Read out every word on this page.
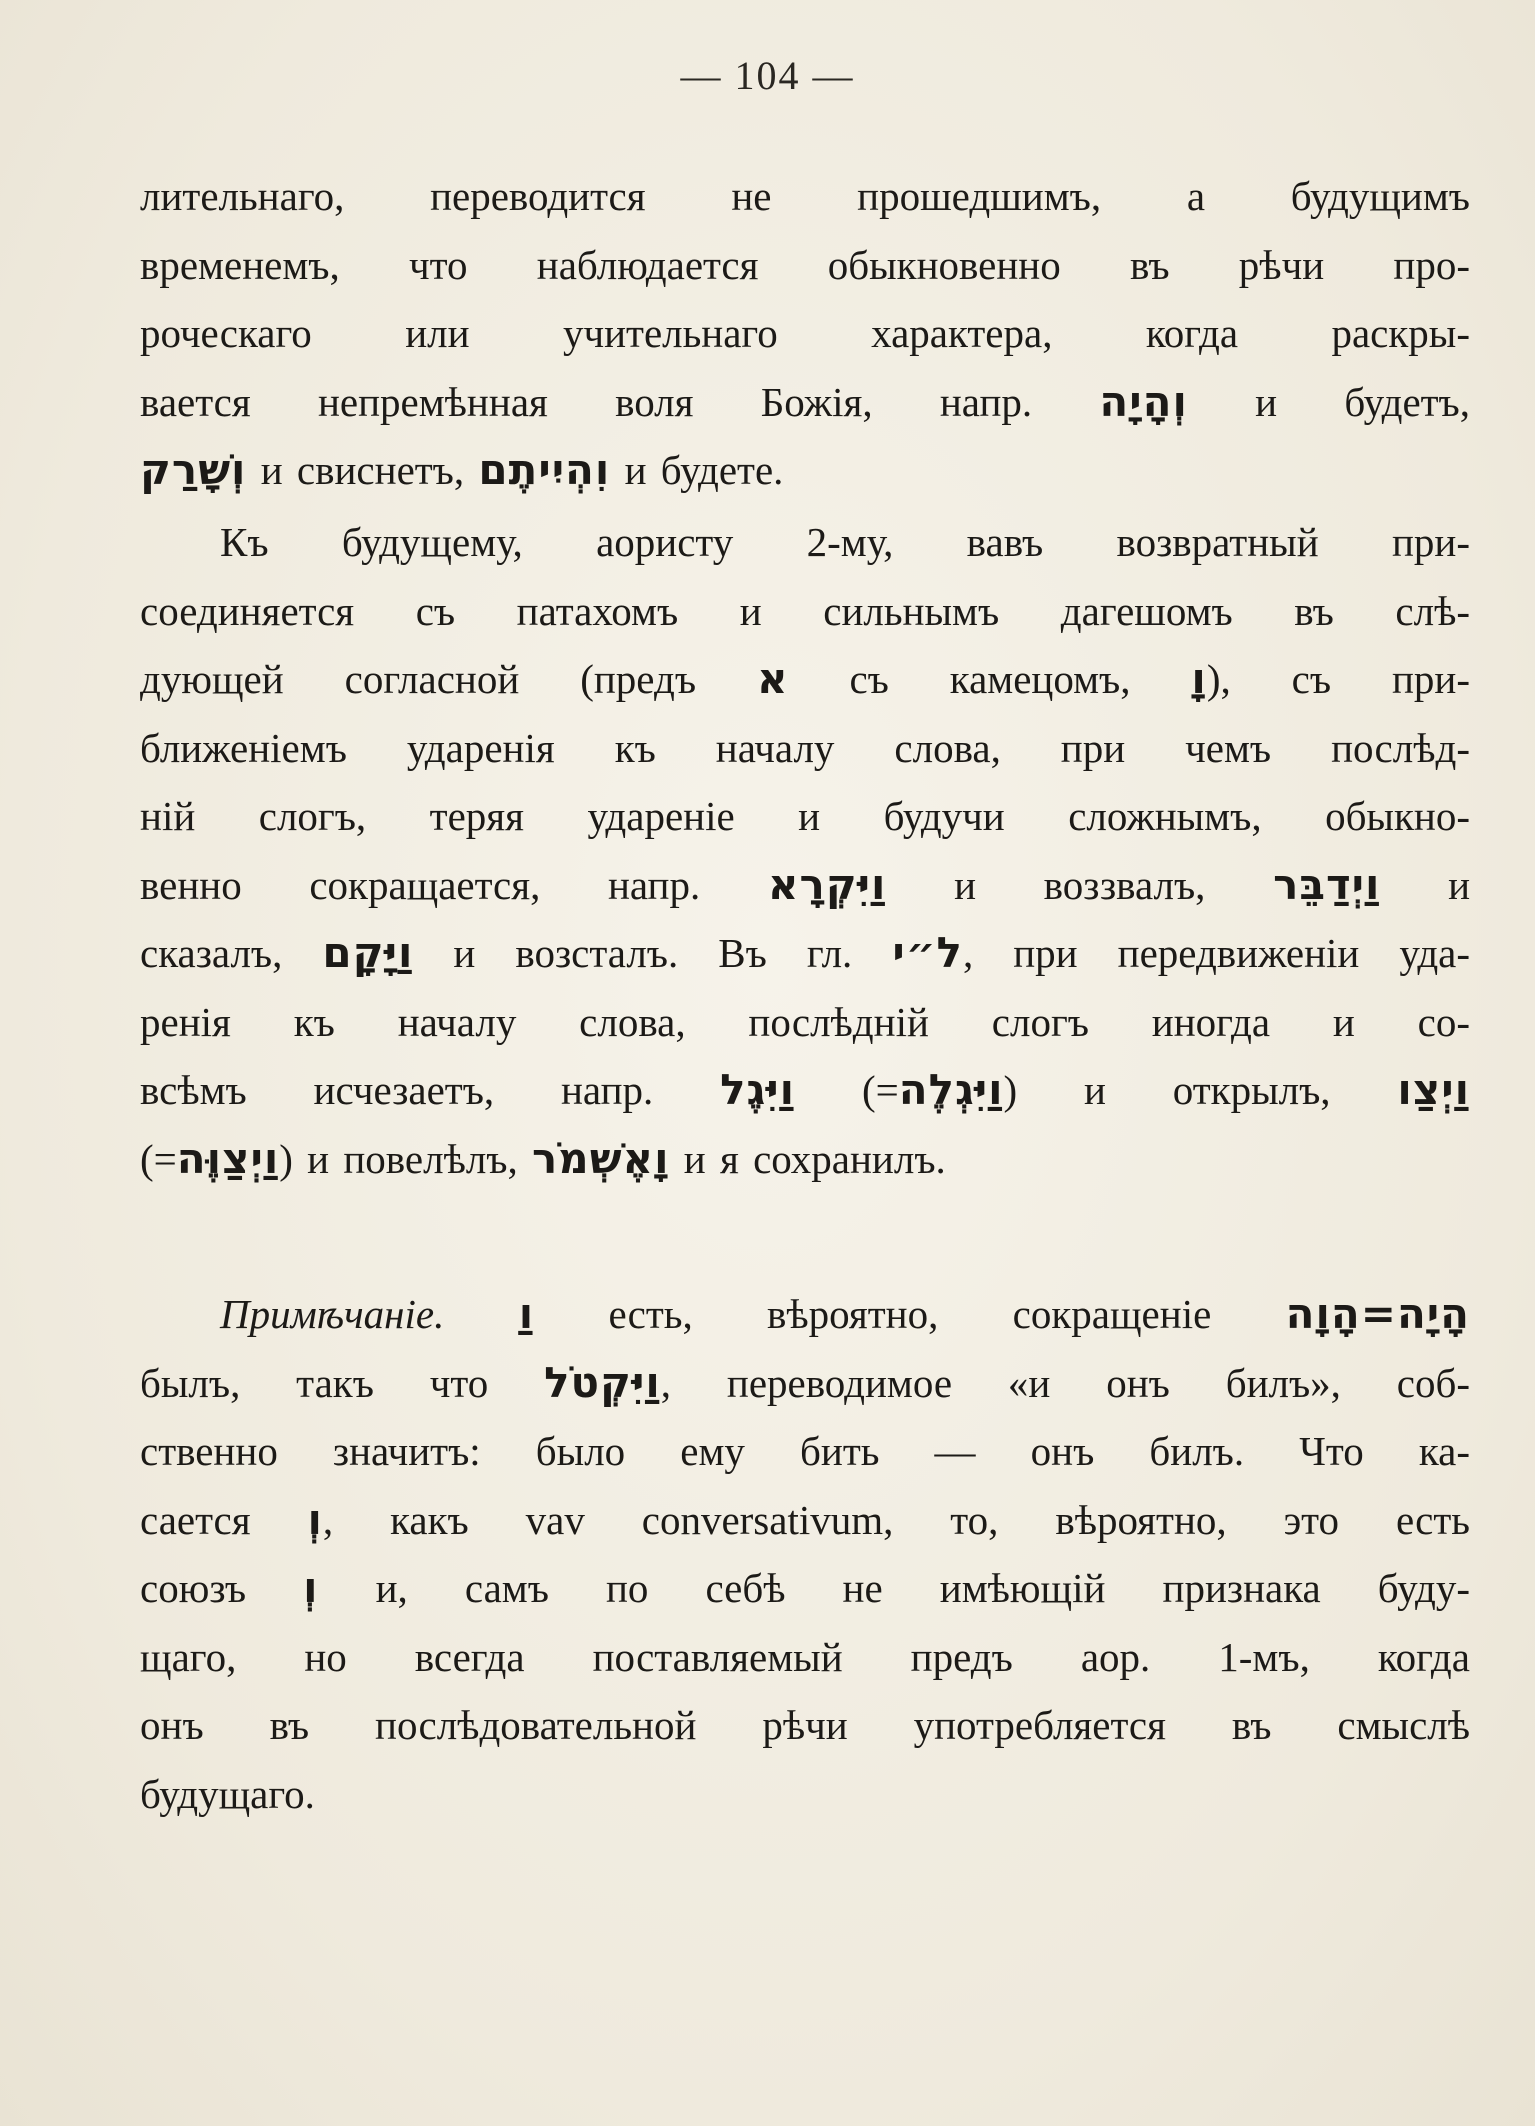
— 104 —
лительнаго, переводится не прошедшимъ, а будущимъ
временемъ, что наблюдается обыкновенно въ рѣчи про-
роческаго или учительнаго характера, когда раскры-
вается непремѣнная воля Божія, напр. וְהָיָה и будетъ,
וְשָׁרַק и свиснетъ, וִהְיִיתֶם и будете.
Къ будущему, аористу 2-му, вавъ возвратный при-
соединяется съ патахомъ и сильнымъ дагешомъ въ слѣ-
дующей согласной (предъ א съ камецомъ, וָ), съ при-
ближеніемъ ударенія къ началу слова, при чемъ послѣд-
ній слогъ, теряя удареніе и будучи сложнымъ, обыкно-
венно сокращается, напр. וַיִּקְרָא и воззвалъ, וַיְדַבֵּר и
сказалъ, וַיָּקָם и возсталъ. Въ гл. ל״י, при передвиженіи уда-
ренія къ началу слова, послѣдній слогъ иногда и со-
всѣмъ исчезаетъ, напр. וַיִּגֶל (=וַיִּגְלֶה) и открылъ, וַיְצַו
(=וַיְצַוֶּה) и повелѣлъ, וָאֶשְׁמֹר и я сохранилъ.
Примѣчаніе. וַ есть, вѣроятно, сокращеніе הָיָה=הָוָה
былъ, такъ что וַיִּקְטֹל, переводимое «и онъ билъ», соб-
ственно значитъ: было ему бить — онъ билъ. Что ка-
сается וְ, какъ vav conversativum, то, вѣроятно, это есть
союзъ וְ и, самъ по себѣ не имѣющій признака буду-
щаго, но всегда поставляемый предъ аор. 1-мъ, когда
онъ въ послѣдовательной рѣчи употребляется въ смыслѣ
будущаго.
